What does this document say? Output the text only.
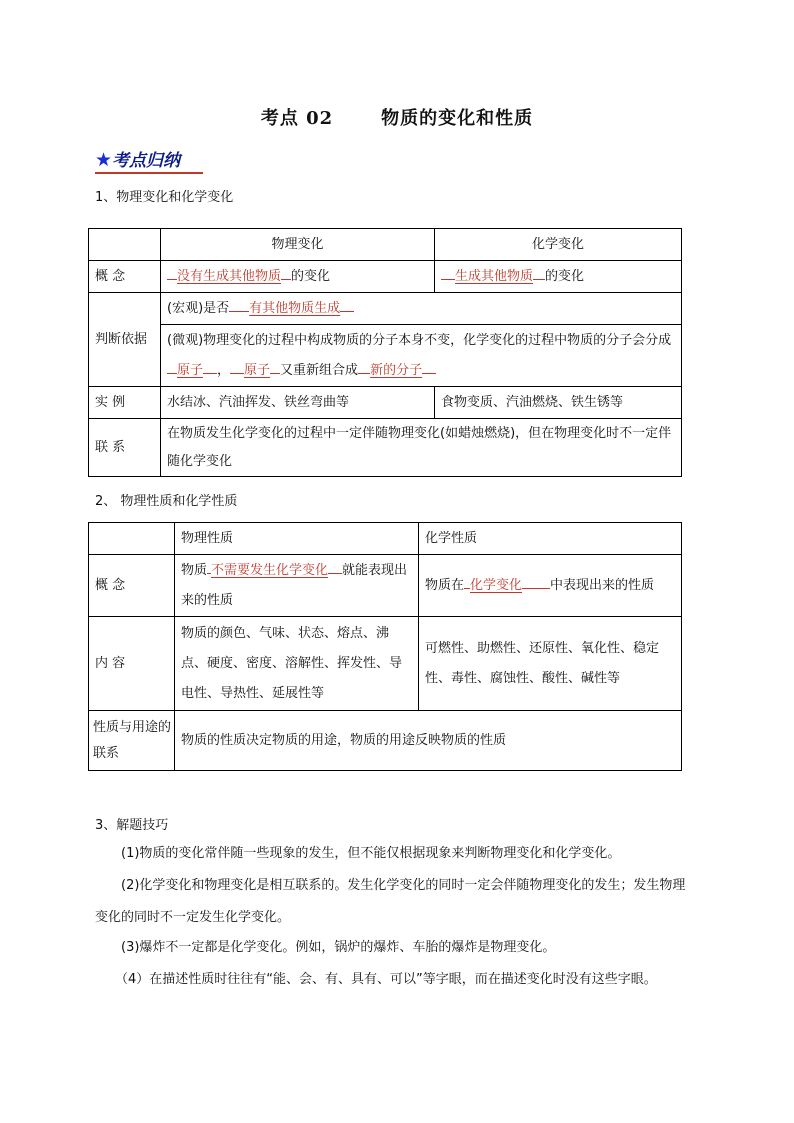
考点 02	物质的变化和性质
★考点归纳
1、物理变化和化学变化
	物理变化	化学变化
概 念	没有生成其他物质 的变化	生成其他物质 的变化
判断依据	(宏观)是否 有其他物质生成	
	(微观)物理变化的过程中构成物质的分子本身不变，化学变化的过程中物质的分子会分成原子 ， 原子 又重新组合成 新的分子	
实 例	水结冰、汽油挥发、铁丝弯曲等	食物变质、汽油燃烧、铁生锈等
联 系	在物质发生化学变化的过程中一定伴随物理变化(如蜡烛燃烧)，但在物理变化时不一定伴随化学变化	
2、 物理性质和化学性质
	物理性质	化学性质
概 念	物质 不需要发生化学变化 就能表现出来的性质	物质在 化学变化 中表现出来的性质
内 容	物质的颜色、气味、状态、熔点、沸点、硬度、密度、溶解性、挥发性、导电性、导热性、延展性等	可燃性、助燃性、还原性、氧化性、稳定性、毒性、腐蚀性、酸性、碱性等
性质与用途的联系	物质的性质决定物质的用途，物质的用途反映物质的性质	
3、解题技巧
(1)物质的变化常伴随一些现象的发生，但不能仅根据现象来判断物理变化和化学变化。
(2)化学变化和物理变化是相互联系的。发生化学变化的同时一定会伴随物理变化的发生；发生物理变化的同时不一定发生化学变化。
(3)爆炸不一定都是化学变化。例如，锅炉的爆炸、车胎的爆炸是物理变化。
（4）在描述性质时往往有“能、会、有、具有、可以”等字眼，而在描述变化时没有这些字眼。
